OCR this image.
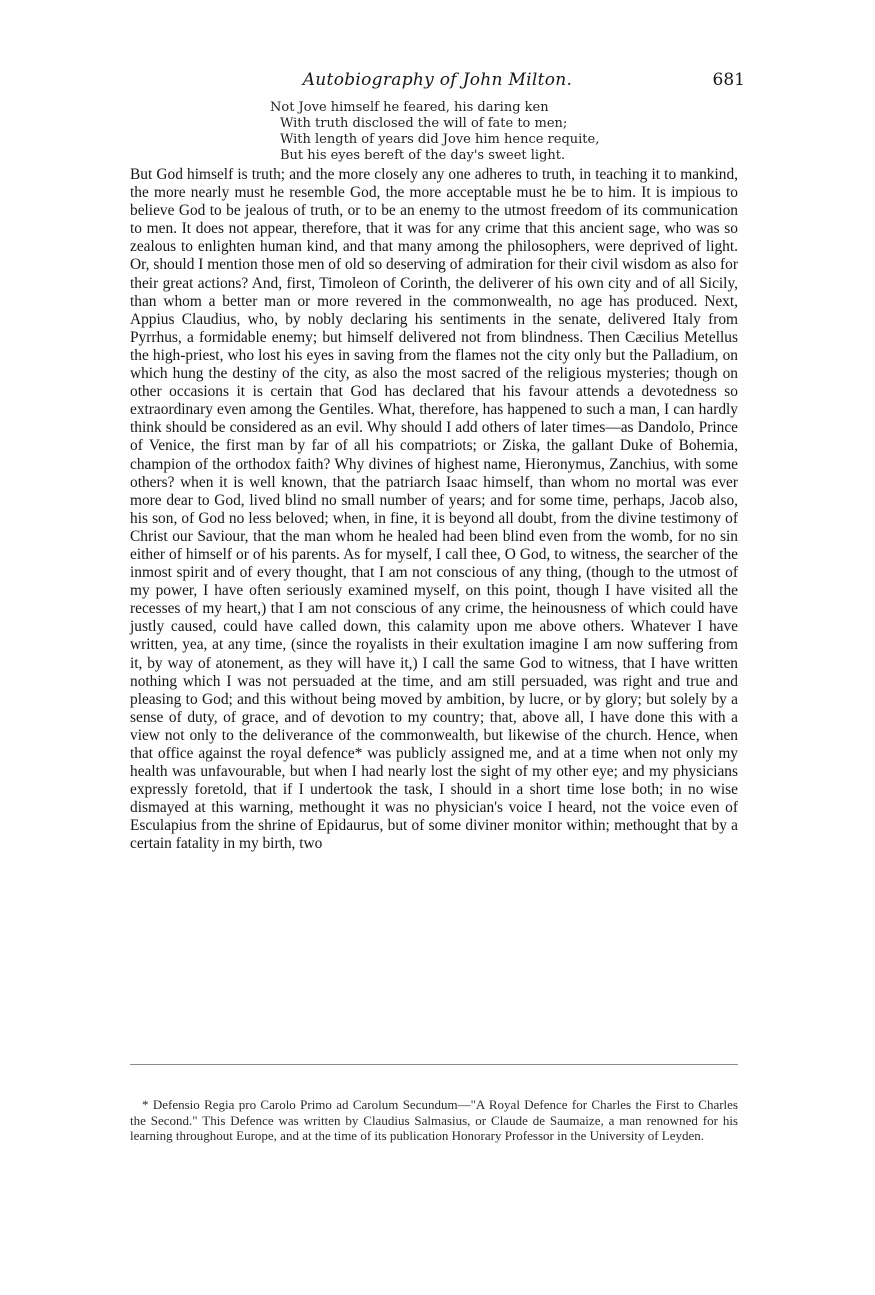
Autobiography of John Milton.	681
Not Jove himself he feared, his daring ken
With truth disclosed the will of fate to men;
With length of years did Jove him hence requite,
But his eyes bereft of the day's sweet light.

But God himself is truth; and the more closely any one adheres to truth, in teaching it to mankind, the more nearly must he resemble God, the more acceptable must he be to him. It is impious to believe God to be jealous of truth, or to be an enemy to the utmost freedom of its communication to men. It does not appear, therefore, that it was for any crime that this ancient sage, who was so zealous to enlighten human kind, and that many among the philosophers, were deprived of light. Or, should I mention those men of old so deserving of admiration for their civil wisdom as also for their great actions? And, first, Timoleon of Corinth, the deliverer of his own city and of all Sicily, than whom a better man or more revered in the commonwealth, no age has produced. Next, Appius Claudius, who, by nobly declaring his sentiments in the senate, delivered Italy from Pyrrhus, a formidable enemy; but himself delivered not from blindness. Then Cæcilius Metellus the high-priest, who lost his eyes in saving from the flames not the city only but the Palladium, on which hung the destiny of the city, as also the most sacred of the religious mysteries; though on other occasions it is certain that God has declared that his favour attends a devotedness so extraordinary even among the Gentiles. What, therefore, has happened to such a man, I can hardly think should be considered as an evil. Why should I add others of later times—as Dandolo, Prince of Venice, the first man by far of all his compatriots; or Ziska, the gallant Duke of Bohemia, champion of the orthodox faith? Why divines of highest name, Hieronymus, Zanchius, with some others? when it is well known, that the patriarch Isaac himself, than whom no mortal was ever more dear to God, lived blind no small number of years; and for some time, perhaps, Jacob also, his son, of God no less beloved; when, in fine, it is beyond all doubt, from the divine testimony of Christ our Saviour, that the man whom he healed had been blind even from the womb, for no sin either of himself or of his parents. As for myself, I call thee, O God, to witness, the searcher of the inmost spirit and of every thought, that I am not conscious of any thing, (though to the utmost of my power, I have often seriously examined myself, on this point, though I have visited all the recesses of my heart,) that I am not conscious of any crime, the heinousness of which could have justly caused, could have called down, this calamity upon me above others. Whatever I have written, yea, at any time, (since the royalists in their exultation imagine I am now suffering from it, by way of atonement, as they will have it,) I call the same God to witness, that I have written nothing which I was not persuaded at the time, and am still persuaded, was right and true and pleasing to God; and this without being moved by ambition, by lucre, or by glory; but solely by a sense of duty, of grace, and of devotion to my country; that, above all, I have done this with a view not only to the deliverance of the commonwealth, but likewise of the church. Hence, when that office against the royal defence* was publicly assigned me, and at a time when not only my health was unfavourable, but when I had nearly lost the sight of my other eye; and my physicians expressly foretold, that if I undertook the task, I should in a short time lose both; in no wise dismayed at this warning, methought it was no physician's voice I heard, not the voice even of Esculapius from the shrine of Epidaurus, but of some diviner monitor within; methought that by a certain fatality in my birth, two

* Defensio Regia pro Carolo Primo ad Carolum Secundum—"A Royal Defence for Charles the First to Charles the Second." This Defence was written by Claudius Salmasius, or Claude de Saumaize, a man renowned for his learning throughout Europe, and at the time of its publication Honorary Professor in the University of Leyden.
